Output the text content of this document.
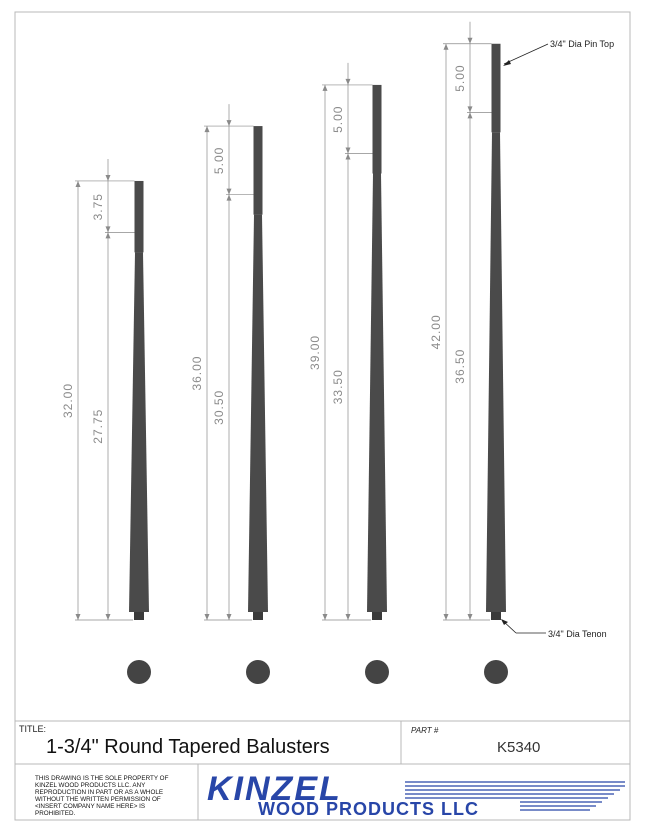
32.00
3.75
27.75
36.00
5.00
30.50
39.00
5.00
33.50
42.00
5.00
36.50
3/4" Dia Pin Top
3/4" Dia Tenon
TITLE:
1-3/4" Round Tapered Balusters
PART #
K5340
THIS DRAWING IS THE SOLE PROPERTY OF
KINZEL WOOD PRODUCTS LLC. ANY
REPRODUCTION IN PART OR AS A WHOLE
WITHOUT THE WRITTEN PERMISSION OF
<INSERT COMPANY NAME HERE> IS
PROHIBITED.
KINZEL
WOOD PRODUCTS LLC
